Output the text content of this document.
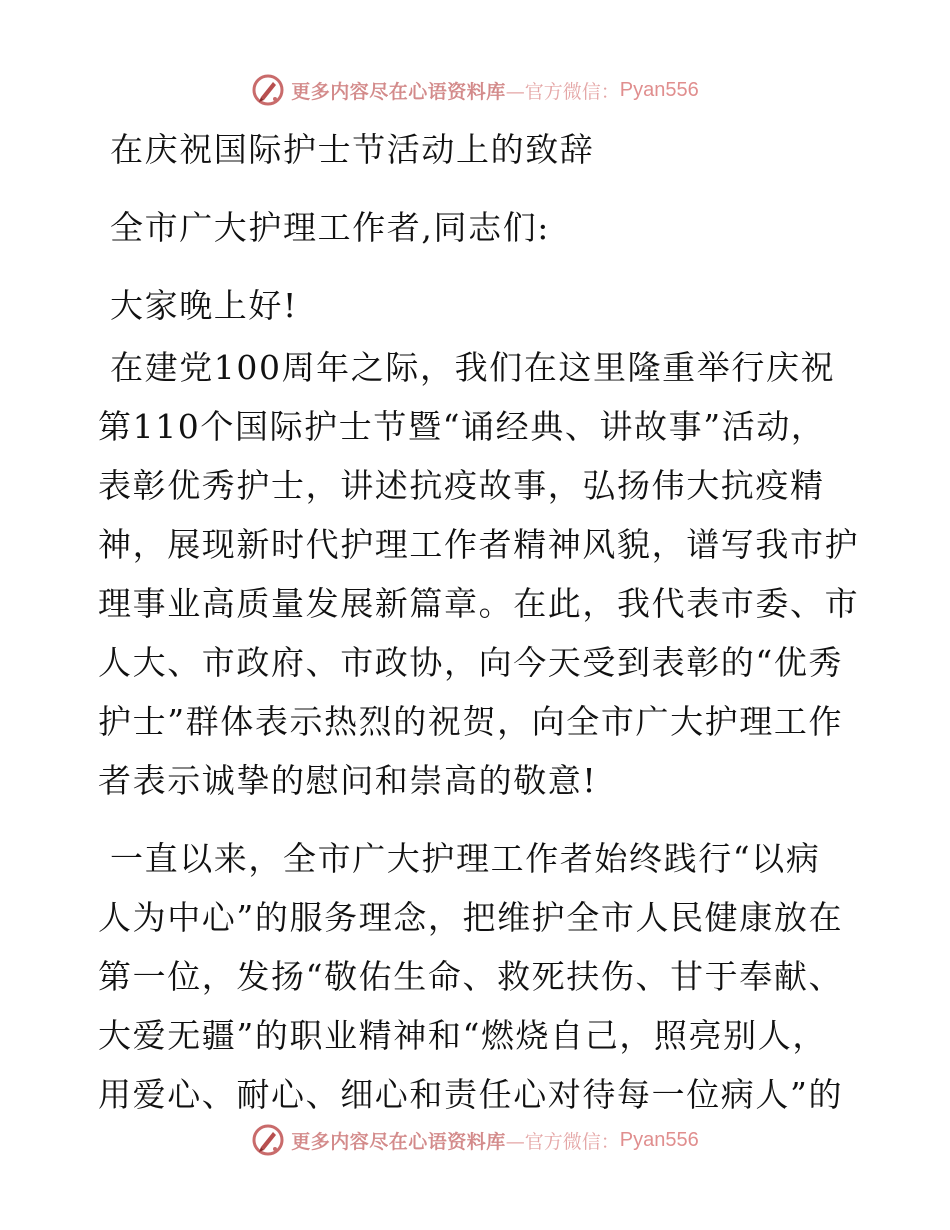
更多内容尽在心语资料库 —官方微信： Pyan556
在庆祝国际护士节活动上的致辞
全市广大护理工作者,同志们:
大家晚上好!
在建党100周年之际，我们在这里隆重举行庆祝
第110个国际护士节暨“诵经典、讲故事”活动，
表彰优秀护士，讲述抗疫故事，弘扬伟大抗疫精
神，展现新时代护理工作者精神风貌，谱写我市护
理事业高质量发展新篇章。在此，我代表市委、市
人大、市政府、市政协，向今天受到表彰的“优秀
护士”群体表示热烈的祝贺，向全市广大护理工作
者表示诚挚的慰问和崇高的敬意!
一直以来，全市广大护理工作者始终践行“以病
人为中心”的服务理念，把维护全市人民健康放在
第一位，发扬“敬佑生命、救死扶伤、甘于奉献、
大爱无疆”的职业精神和“燃烧自己，照亮别人，
用爱心、耐心、细心和责任心对待每一位病人”的
更多内容尽在心语资料库 —官方微信： Pyan556
